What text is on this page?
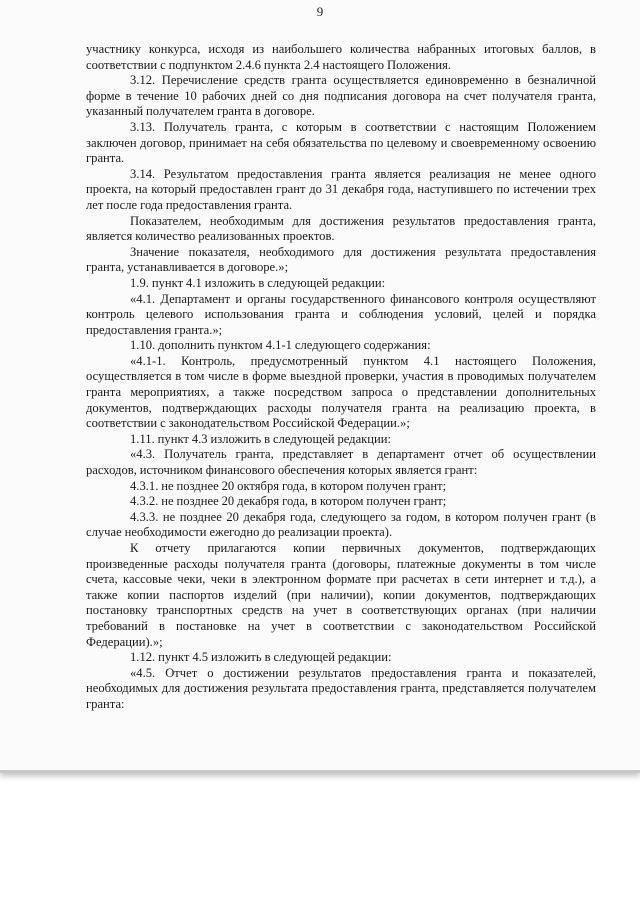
9

участнику конкурса, исходя из наибольшего количества набранных итоговых баллов, в соответствии с подпунктом 2.4.6 пункта 2.4 настоящего Положения.

3.12. Перечисление средств гранта осуществляется единовременно в безналичной форме в течение 10 рабочих дней со дня подписания договора на счет получателя гранта, указанный получателем гранта в договоре.

3.13. Получатель гранта, с которым в соответствии с настоящим Положением заключен договор, принимает на себя обязательства по целевому и своевременному освоению гранта.

3.14. Результатом предоставления гранта является реализация не менее одного проекта, на который предоставлен грант до 31 декабря года, наступившего по истечении трех лет после года предоставления гранта.

Показателем, необходимым для достижения результатов предоставления гранта, является количество реализованных проектов.

Значение показателя, необходимого для достижения результата предоставления гранта, устанавливается в договоре.»;

1.9. пункт 4.1 изложить в следующей редакции:

«4.1. Департамент и органы государственного финансового контроля осуществляют контроль целевого использования гранта и соблюдения условий, целей и порядка предоставления гранта.»;

1.10. дополнить пунктом 4.1-1 следующего содержания:

«4.1-1. Контроль, предусмотренный пунктом 4.1 настоящего Положения, осуществляется в том числе в форме выездной проверки, участия в проводимых получателем гранта мероприятиях, а также посредством запроса о представлении дополнительных документов, подтверждающих расходы получателя гранта на реализацию проекта, в соответствии с законодательством Российской Федерации.»;

1.11. пункт 4.3 изложить в следующей редакции:

«4.3. Получатель гранта, представляет в департамент отчет об осуществлении расходов, источником финансового обеспечения которых является грант:

4.3.1. не позднее 20 октября года, в котором получен грант;

4.3.2. не позднее 20 декабря года, в котором получен грант;

4.3.3. не позднее 20 декабря года, следующего за годом, в котором получен грант (в случае необходимости ежегодно до реализации проекта).

К отчету прилагаются копии первичных документов, подтверждающих произведенные расходы получателя гранта (договоры, платежные документы в том числе счета, кассовые чеки, чеки в электронном формате при расчетах в сети интернет и т.д.), а также копии паспортов изделий (при наличии), копии документов, подтверждающих постановку транспортных средств на учет в соответствующих органах (при наличии требований в постановке на учет в соответствии с законодательством Российской Федерации).»;

1.12. пункт 4.5 изложить в следующей редакции:

«4.5. Отчет о достижении результатов предоставления гранта и показателей, необходимых для достижения результата предоставления гранта, представляется получателем гранта:
